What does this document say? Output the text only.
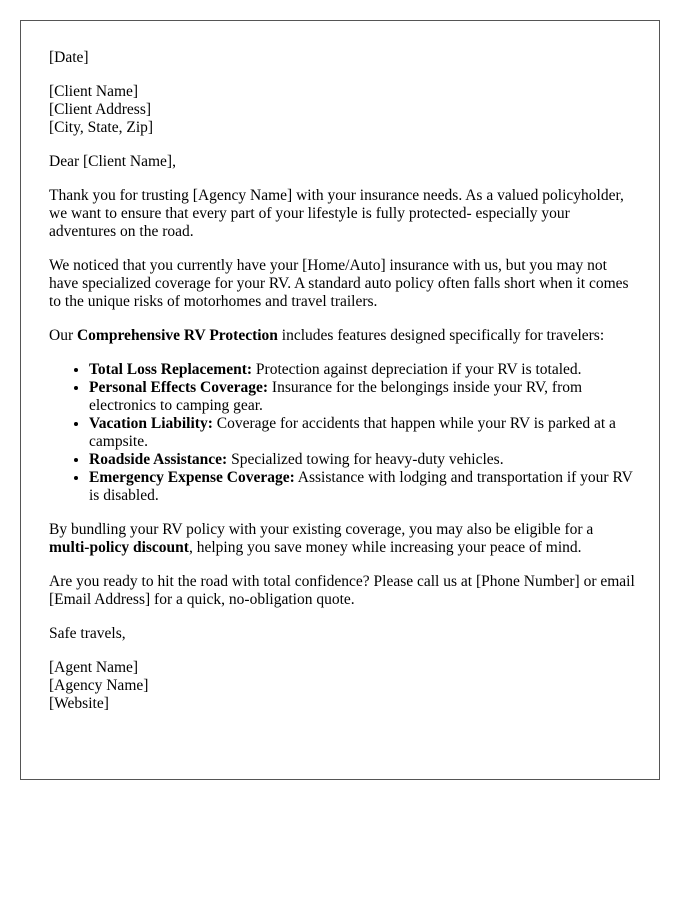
[Date]

[Client Name]
[Client Address]
[City, State, Zip]

Dear [Client Name],

Thank you for trusting [Agency Name] with your insurance needs. As a valued policyholder, we want to ensure that every part of your lifestyle is fully protected- especially your adventures on the road.

We noticed that you currently have your [Home/Auto] insurance with us, but you may not have specialized coverage for your RV. A standard auto policy often falls short when it comes to the unique risks of motorhomes and travel trailers.

Our Comprehensive RV Protection includes features designed specifically for travelers:

• Total Loss Replacement: Protection against depreciation if your RV is totaled.
• Personal Effects Coverage: Insurance for the belongings inside your RV, from electronics to camping gear.
• Vacation Liability: Coverage for accidents that happen while your RV is parked at a campsite.
• Roadside Assistance: Specialized towing for heavy-duty vehicles.
• Emergency Expense Coverage: Assistance with lodging and transportation if your RV is disabled.

By bundling your RV policy with your existing coverage, you may also be eligible for a multi-policy discount, helping you save money while increasing your peace of mind.

Are you ready to hit the road with total confidence? Please call us at [Phone Number] or email [Email Address] for a quick, no-obligation quote.

Safe travels,

[Agent Name]
[Agency Name]
[Website]
